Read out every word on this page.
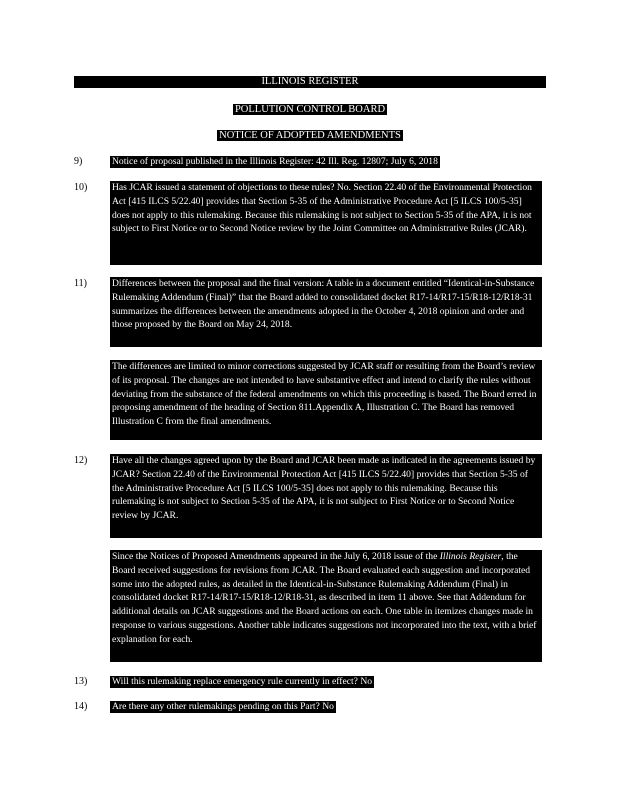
ILLINOIS REGISTER
POLLUTION CONTROL BOARD
NOTICE OF ADOPTED AMENDMENTS
9)	Notice of proposal published in the Illinois Register: 42 Ill. Reg. 12807; July 6, 2018
10)	Has JCAR issued a statement of objections to these rules? No. Section 22.40 of the Environmental Protection Act [415 ILCS 5/22.40] provides that Section 5-35 of the Administrative Procedure Act [5 ILCS 100/5-35] does not apply to this rulemaking. Because this rulemaking is not subject to Section 5-35 of the APA, it is not subject to First Notice or to Second Notice review by the Joint Committee on Administrative Rules (JCAR).
11)	Differences between the proposal and the final version: A table in a document entitled “Identical-in-Substance Rulemaking Addendum (Final)” that the Board added to consolidated docket R17-14/R17-15/R18-12/R18-31 summarizes the differences between the amendments adopted in the October 4, 2018 opinion and order and those proposed by the Board on May 24, 2018.
The differences are limited to minor corrections suggested by JCAR staff or resulting from the Board’s review of its proposal. The changes are not intended to have substantive effect and intend to clarify the rules without deviating from the substance of the federal amendments on which this proceeding is based. The Board erred in proposing amendment of the heading of Section 811.Appendix A, Illustration C. The Board has removed Illustration C from the final amendments.
12)	Have all the changes agreed upon by the Board and JCAR been made as indicated in the agreements issued by JCAR? Section 22.40 of the Environmental Protection Act [415 ILCS 5/22.40] provides that Section 5-35 of the Administrative Procedure Act [5 ILCS 100/5-35] does not apply to this rulemaking. Because this rulemaking is not subject to Section 5-35 of the APA, it is not subject to First Notice or to Second Notice review by JCAR.
Since the Notices of Proposed Amendments appeared in the July 6, 2018 issue of the Illinois Register, the Board received suggestions for revisions from JCAR. The Board evaluated each suggestion and incorporated some into the adopted rules, as detailed in the Identical-in-Substance Rulemaking Addendum (Final) in consolidated docket R17-14/R17-15/R18-12/R18-31, as described in item 11 above. See that Addendum for additional details on JCAR suggestions and the Board actions on each. One table in itemizes changes made in response to various suggestions. Another table indicates suggestions not incorporated into the text, with a brief explanation for each.
13)	Will this rulemaking replace emergency rule currently in effect? No
14)	Are there any other rulemakings pending on this Part? No
